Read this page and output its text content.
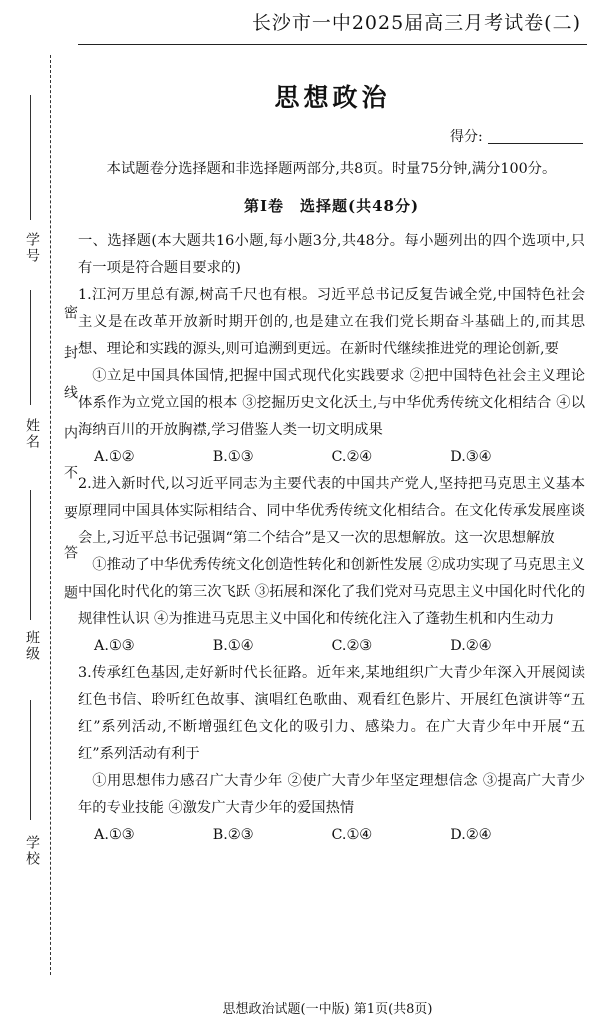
学号
姓名
班级
学校
密封线内不要答题
长沙市一中2025届高三月考试卷(二)
思想政治
得分:

本试题卷分选择题和非选择题两部分,共8页。时量75分钟,满分100分。

第Ⅰ卷 选择题(共48分)

一、选择题(本大题共16小题,每小题3分,共48分。每小题列出的四个选项中,只有一项是符合题目要求的)

1.江河万里总有源,树高千尺也有根。习近平总书记反复告诫全党,中国特色社会主义是在改革开放新时期开创的,也是建立在我们党长期奋斗基础上的,而其思想、理论和实践的源头,则可追溯到更远。在新时代继续推进党的理论创新,要

①立足中国具体国情,把握中国式现代化实践要求 ②把中国特色社会主义理论体系作为立党立国的根本 ③挖掘历史文化沃土,与中华优秀传统文化相结合 ④以海纳百川的开放胸襟,学习借鉴人类一切文明成果

A.①②	B.①③	C.②④	D.③④

2.进入新时代,以习近平同志为主要代表的中国共产党人,坚持把马克思主义基本原理同中国具体实际相结合、同中华优秀传统文化相结合。在文化传承发展座谈会上,习近平总书记强调“第二个结合”是又一次的思想解放。这一次思想解放

①推动了中华优秀传统文化创造性转化和创新性发展 ②成功实现了马克思主义中国化时代化的第三次飞跃 ③拓展和深化了我们党对马克思主义中国化时代化的规律性认识 ④为推进马克思主义中国化和传统化注入了蓬勃生机和内生动力

A.①③	B.①④	C.②③	D.②④

3.传承红色基因,走好新时代长征路。近年来,某地组织广大青少年深入开展阅读红色书信、聆听红色故事、演唱红色歌曲、观看红色影片、开展红色演讲等“五红”系列活动,不断增强红色文化的吸引力、感染力。在广大青少年中开展“五红”系列活动有利于

①用思想伟力感召广大青少年 ②使广大青少年坚定理想信念 ③提高广大青少年的专业技能 ④激发广大青少年的爱国热情

A.①③	B.②③	C.①④	D.②④
思想政治试题(一中版) 第1页(共8页)
